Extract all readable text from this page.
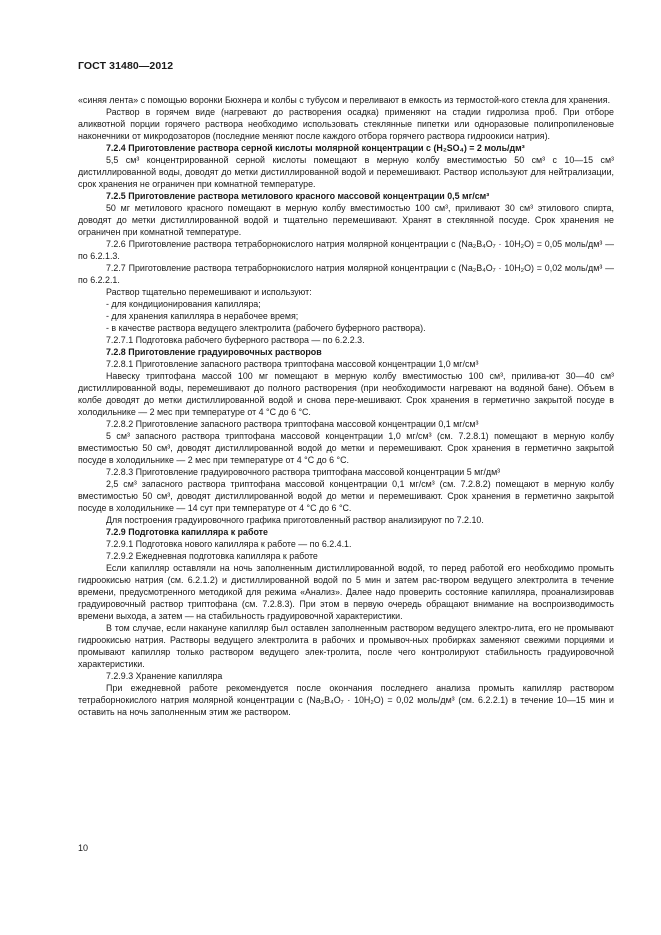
ГОСТ 31480—2012

«синяя лента» с помощью воронки Бюхнера и колбы с тубусом и переливают в емкость из термостой-кого стекла для хранения.

Раствор в горячем виде (нагревают до растворения осадка) применяют на стадии гидролиза проб. При отборе аликвотной порции горячего раствора необходимо использовать стеклянные пипетки или одноразовые полипропиленовые наконечники от микродозаторов (последние меняют после каждого отбора горячего раствора гидроокиси натрия).

7.2.4 Приготовление раствора серной кислоты молярной концентрации c (H₂SO₄) = 2 моль/дм³

5,5 см³ концентрированной серной кислоты помещают в мерную колбу вместимостью 50 см³ с 10—15 см³ дистиллированной воды, доводят до метки дистиллированной водой и перемешивают. Раствор используют для нейтрализации, срок хранения не ограничен при комнатной температуре.

7.2.5 Приготовление раствора метилового красного массовой концентрации 0,5 мг/см³

50 мг метилового красного помещают в мерную колбу вместимостью 100 см³, приливают 30 см³ этилового спирта, доводят до метки дистиллированной водой и тщательно перемешивают. Хранят в стеклянной посуде. Срок хранения не ограничен при комнатной температуре.

7.2.6 Приготовление раствора тетраборнокислого натрия молярной концентрации c (Na₂B₄O₇ · 10H₂O) = 0,05 моль/дм³ — по 6.2.1.3.

7.2.7 Приготовление раствора тетраборнокислого натрия молярной концентрации c (Na₂B₄O₇ · 10H₂O) = 0,02 моль/дм³ — по 6.2.2.1.

Раствор тщательно перемешивают и используют:

- для кондиционирования капилляра;

- для хранения капилляра в нерабочее время;

- в качестве раствора ведущего электролита (рабочего буферного раствора).

7.2.7.1 Подготовка рабочего буферного раствора — по 6.2.2.3.

7.2.8 Приготовление градуировочных растворов

7.2.8.1 Приготовление запасного раствора триптофана массовой концентрации 1,0 мг/см³

Навеску триптофана массой 100 мг помещают в мерную колбу вместимостью 100 см³, прилива-ют 30—40 см³ дистиллированной воды, перемешивают до полного растворения (при необходимости нагревают на водяной бане). Объем в колбе доводят до метки дистиллированной водой и снова пере-мешивают. Срок хранения в герметично закрытой посуде в холодильнике — 2 мес при температуре от 4 °С до 6 °С.

7.2.8.2 Приготовление запасного раствора триптофана массовой концентрации 0,1 мг/см³

5 см³ запасного раствора триптофана массовой концентрации 1,0 мг/см³ (см. 7.2.8.1) помещают в мерную колбу вместимостью 50 см³, доводят дистиллированной водой до метки и перемешивают. Срок хранения в герметично закрытой посуде в холодильнике — 2 мес при температуре от 4 °С до 6 °С.

7.2.8.3 Приготовление градуировочного раствора триптофана массовой концентрации 5 мг/дм³

2,5 см³ запасного раствора триптофана массовой концентрации 0,1 мг/см³ (см. 7.2.8.2) помещают в мерную колбу вместимостью 50 см³, доводят дистиллированной водой до метки и перемешивают. Срок хранения в герметично закрытой посуде в холодильнике — 14 сут при температуре от 4 °С до 6 °С.

Для построения градуировочного графика приготовленный раствор анализируют по 7.2.10.

7.2.9 Подготовка капилляра к работе

7.2.9.1 Подготовка нового капилляра к работе — по 6.2.4.1.

7.2.9.2 Ежедневная подготовка капилляра к работе

Если капилляр оставляли на ночь заполненным дистиллированной водой, то перед работой его необходимо промыть гидроокисью натрия (см. 6.2.1.2) и дистиллированной водой по 5 мин и затем рас-твором ведущего электролита в течение времени, предусмотренного методикой для режима «Анализ». Далее надо проверить состояние капилляра, проанализировав градуировочный раствор триптофана (см. 7.2.8.3). При этом в первую очередь обращают внимание на воспроизводимость времени выхода, а затем — на стабильность градуировочной характеристики.

В том случае, если накануне капилляр был оставлен заполненным раствором ведущего электро-лита, его не промывают гидроокисью натрия. Растворы ведущего электролита в рабочих и промывоч-ных пробирках заменяют свежими порциями и промывают капилляр только раствором ведущего элек-тролита, после чего контролируют стабильность градуировочной характеристики.

7.2.9.3 Хранение капилляра

При ежедневной работе рекомендуется после окончания последнего анализа промыть капилляр раствором тетраборнокислого натрия молярной концентрации c (Na₂B₄O₇ · 10H₂O) = 0,02 моль/дм³ (см. 6.2.2.1) в течение 10—15 мин и оставить на ночь заполненным этим же раствором.

10
